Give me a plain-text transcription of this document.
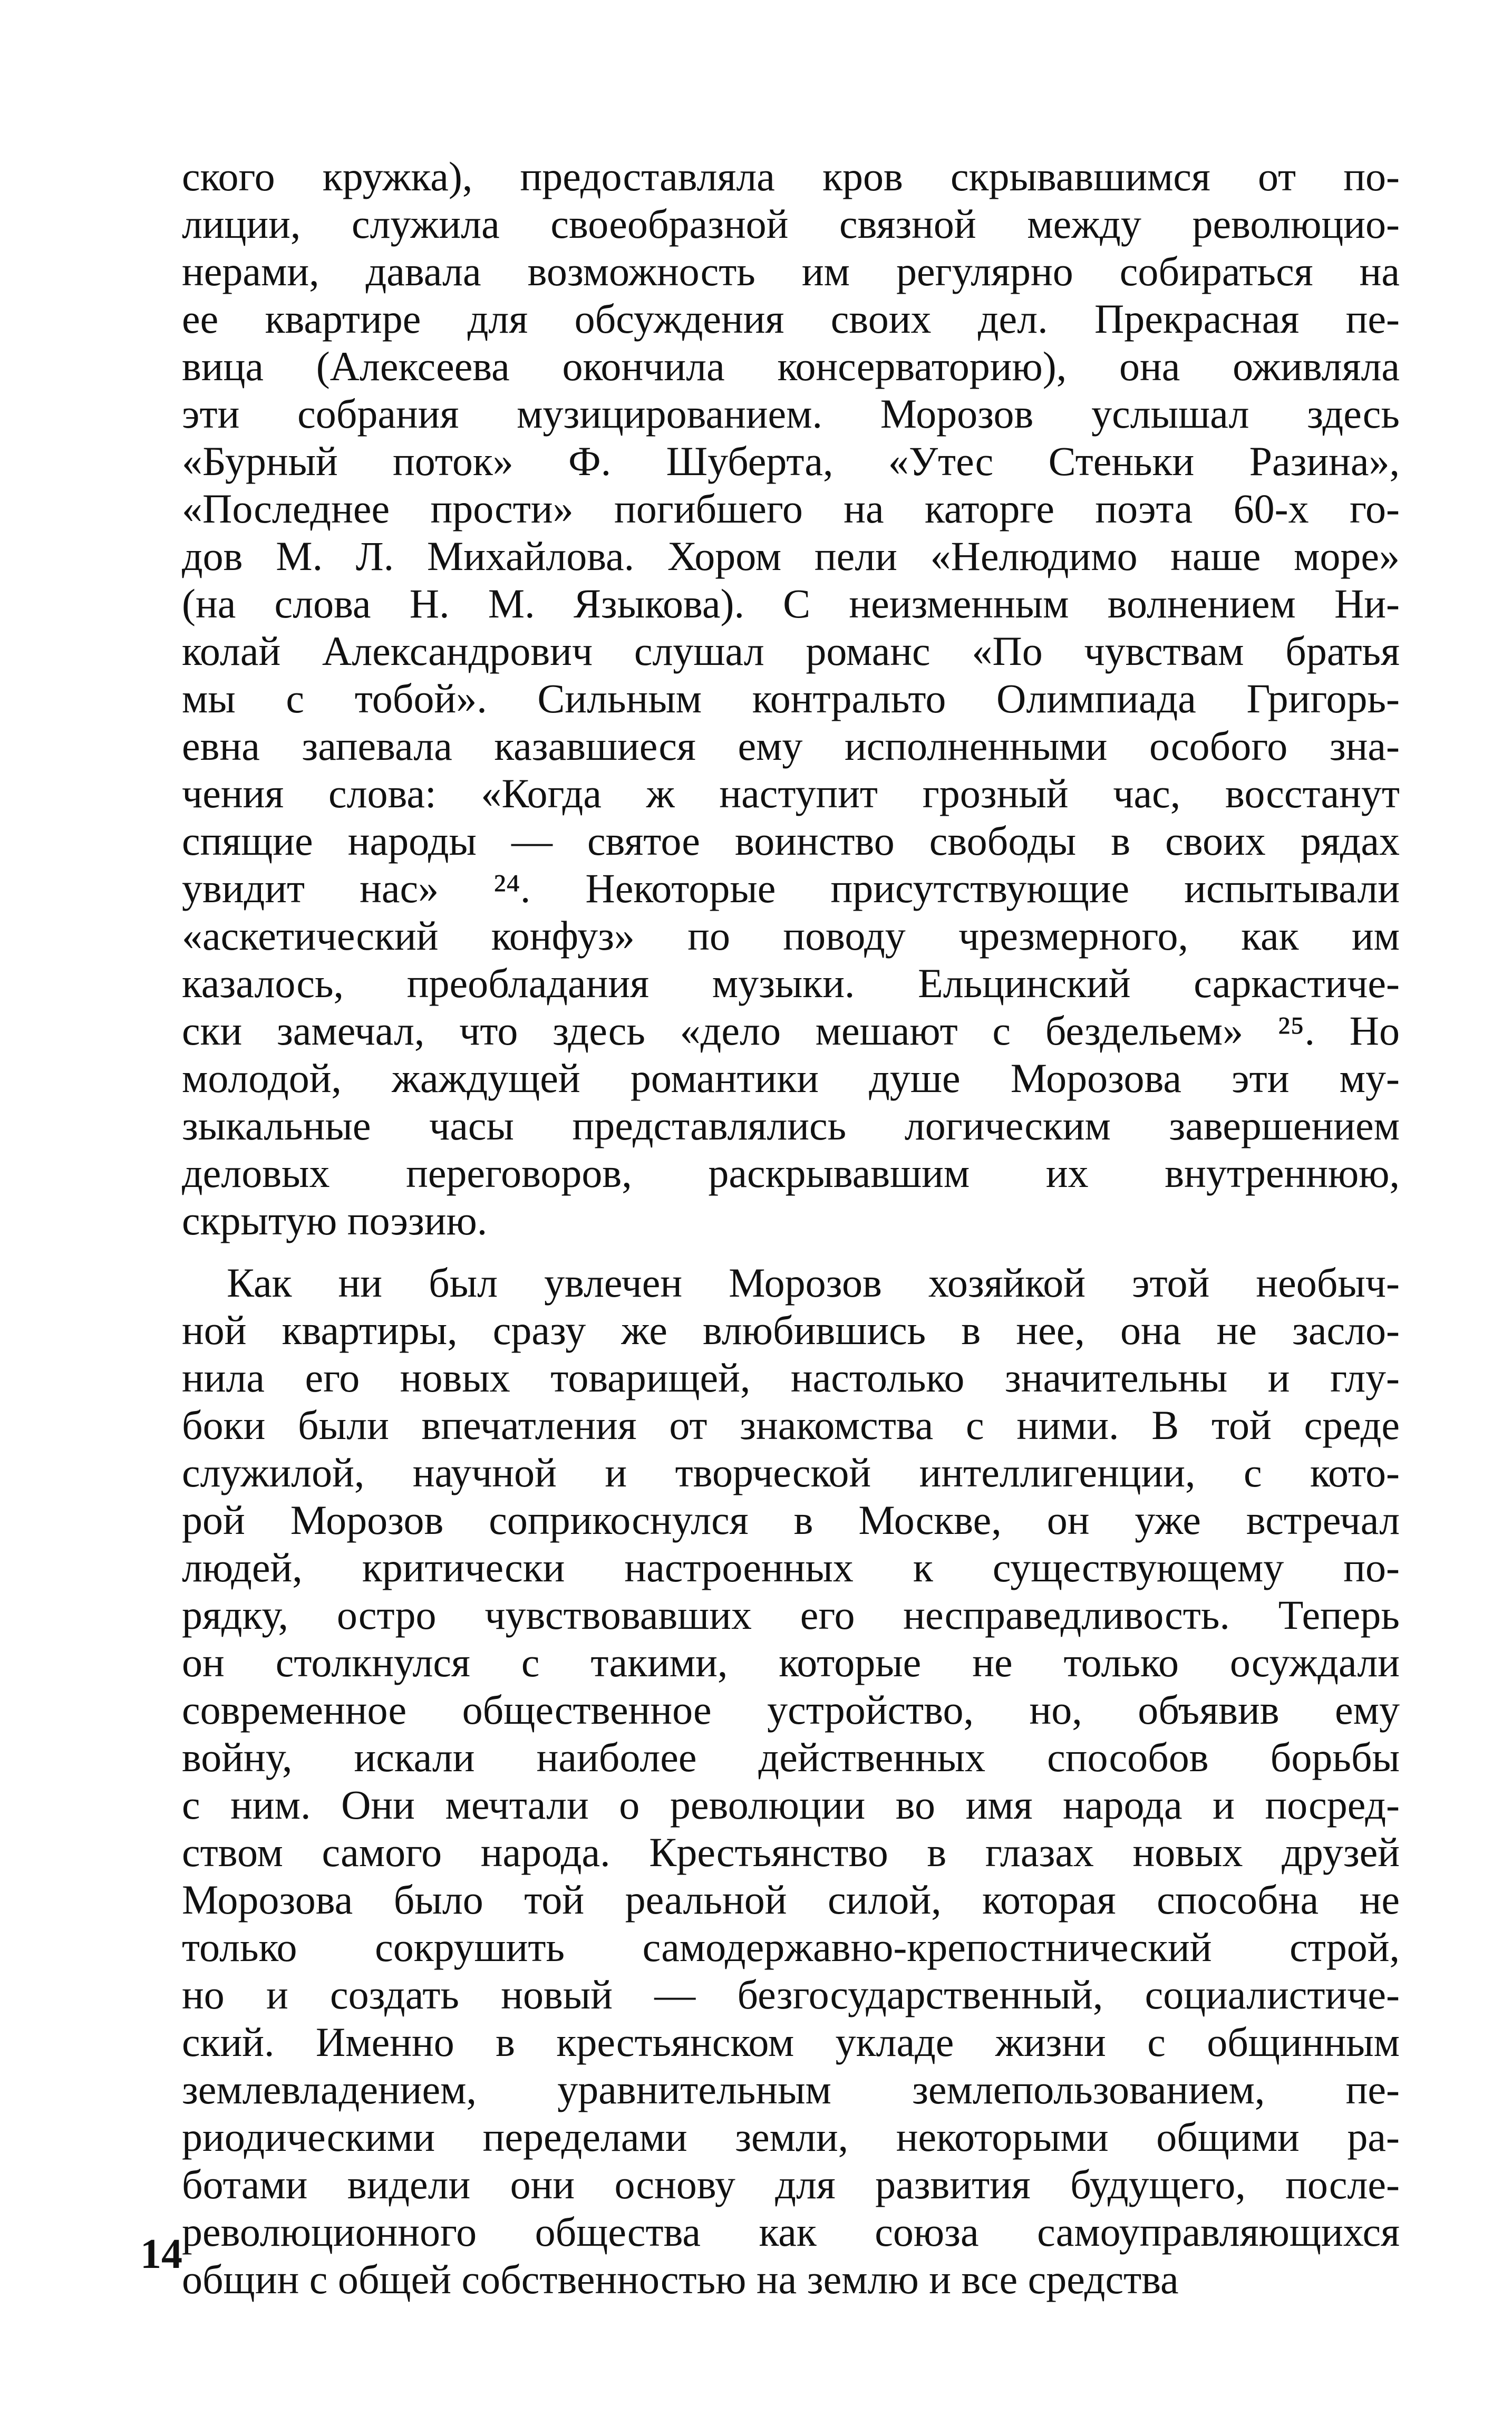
ского кружка), предоставляла кров скрывавшимся от по-
лиции, служила своеобразной связной между революцио-
нерами, давала возможность им регулярно собираться на
ее квартире для обсуждения своих дел. Прекрасная пе-
вица (Алексеева окончила консерваторию), она оживляла
эти собрания музицированием. Морозов услышал здесь
«Бурный поток» Ф. Шуберта, «Утес Стеньки Разина»,
«Последнее прости» погибшего на каторге поэта 60-х го-
дов М. Л. Михайлова. Хором пели «Нелюдимо наше море»
(на слова Н. М. Языкова). С неизменным волнением Ни-
колай Александрович слушал романс «По чувствам братья
мы с тобой». Сильным контральто Олимпиада Григорь-
евна запевала казавшиеся ему исполненными особого зна-
чения слова: «Когда ж наступит грозный час, восстанут
спящие народы — святое воинство свободы в своих рядах
увидит нас» ²⁴. Некоторые присутствующие испытывали
«аскетический конфуз» по поводу чрезмерного, как им
казалось, преобладания музыки. Ельцинский саркастиче-
ски замечал, что здесь «дело мешают с бездельем» ²⁵. Но
молодой, жаждущей романтики душе Морозова эти му-
зыкальные часы представлялись логическим завершением
деловых переговоров, раскрывавшим их внутреннюю,
скрытую поэзию.
Как ни был увлечен Морозов хозяйкой этой необыч-
ной квартиры, сразу же влюбившись в нее, она не засло-
нила его новых товарищей, настолько значительны и глу-
боки были впечатления от знакомства с ними. В той среде
служилой, научной и творческой интеллигенции, с кото-
рой Морозов соприкоснулся в Москве, он уже встречал
людей, критически настроенных к существующему по-
рядку, остро чувствовавших его несправедливость. Теперь
он столкнулся с такими, которые не только осуждали
современное общественное устройство, но, объявив ему
войну, искали наиболее действенных способов борьбы
с ним. Они мечтали о революции во имя народа и посред-
ством самого народа. Крестьянство в глазах новых друзей
Морозова было той реальной силой, которая способна не
только сокрушить самодержавно-крепостнический строй,
но и создать новый — безгосударственный, социалистиче-
ский. Именно в крестьянском укладе жизни с общинным
землевладением, уравнительным землепользованием, пе-
риодическими переделами земли, некоторыми общими ра-
ботами видели они основу для развития будущего, после-
революционного общества как союза самоуправляющихся
общин с общей собственностью на землю и все средства
14
